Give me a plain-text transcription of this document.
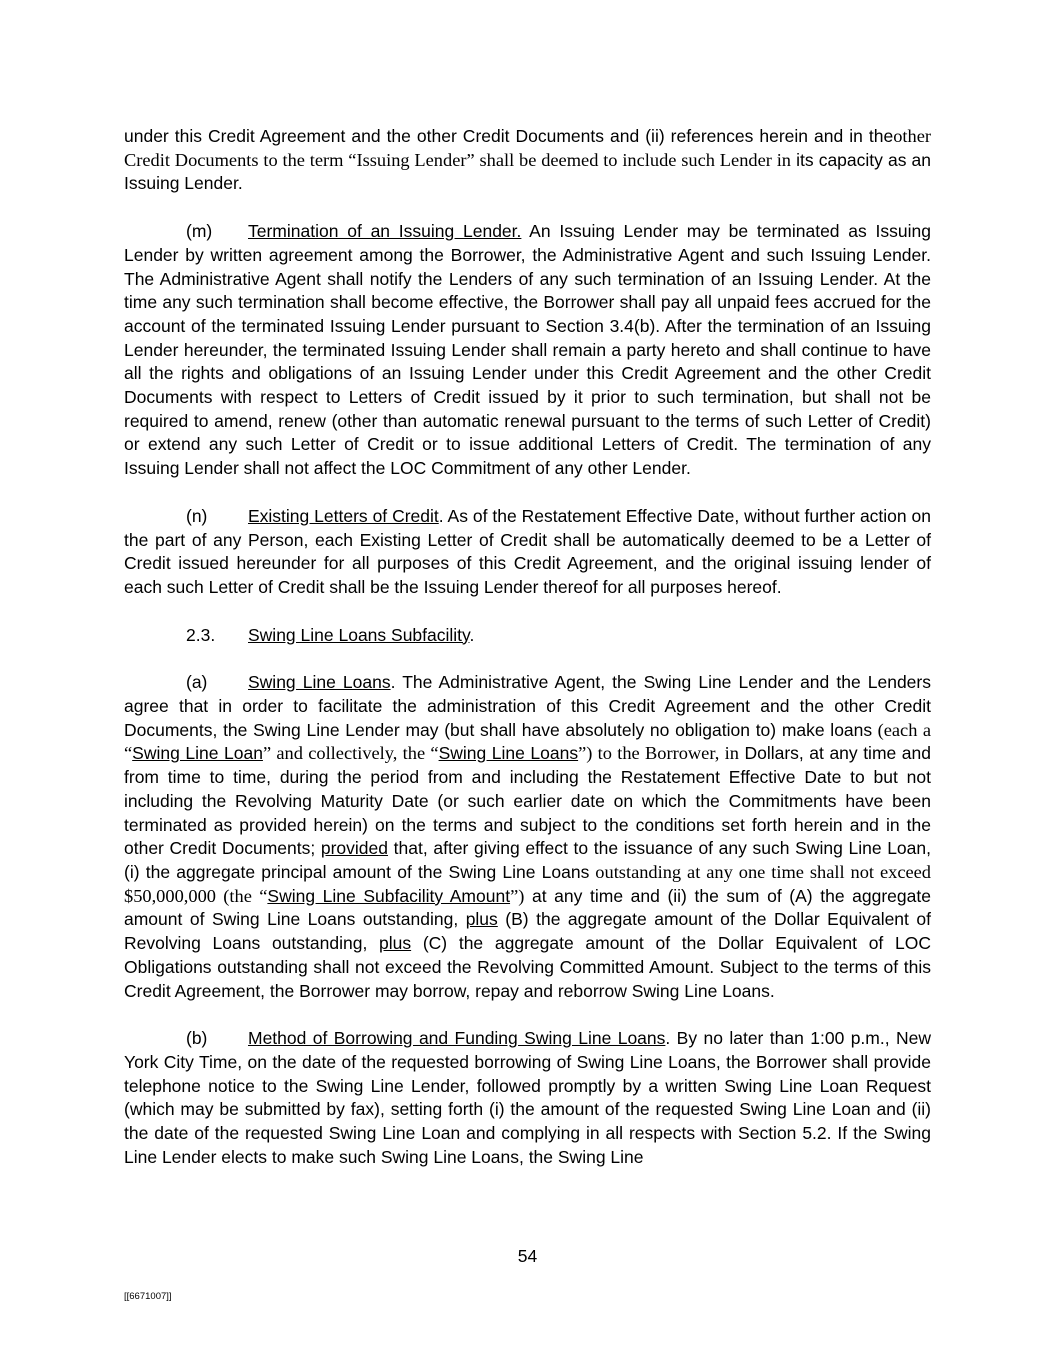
under this Credit Agreement and the other Credit Documents and (ii) references herein and in theother Credit Documents to the term “Issuing Lender” shall be deemed to include such Lender in its capacity as an Issuing Lender.

(m) Termination of an Issuing Lender. An Issuing Lender may be terminated as Issuing Lender by written agreement among the Borrower, the Administrative Agent and such Issuing Lender. The Administrative Agent shall notify the Lenders of any such termination of an Issuing Lender. At the time any such termination shall become effective, the Borrower shall pay all unpaid fees accrued for the account of the terminated Issuing Lender pursuant to Section 3.4(b). After the termination of an Issuing Lender hereunder, the terminated Issuing Lender shall remain a party hereto and shall continue to have all the rights and obligations of an Issuing Lender under this Credit Agreement and the other Credit Documents with respect to Letters of Credit issued by it prior to such termination, but shall not be required to amend, renew (other than automatic renewal pursuant to the terms of such Letter of Credit) or extend any such Letter of Credit or to issue additional Letters of Credit. The termination of any Issuing Lender shall not affect the LOC Commitment of any other Lender.

(n) Existing Letters of Credit. As of the Restatement Effective Date, without further action on the part of any Person, each Existing Letter of Credit shall be automatically deemed to be a Letter of Credit issued hereunder for all purposes of this Credit Agreement, and the original issuing lender of each such Letter of Credit shall be the Issuing Lender thereof for all purposes hereof.

2.3. Swing Line Loans Subfacility.

(a) Swing Line Loans. The Administrative Agent, the Swing Line Lender and the Lenders agree that in order to facilitate the administration of this Credit Agreement and the other Credit Documents, the Swing Line Lender may (but shall have absolutely no obligation to) make loans (each a “Swing Line Loan” and collectively, the “Swing Line Loans”) to the Borrower, in Dollars, at any time and from time to time, during the period from and including the Restatement Effective Date to but not including the Revolving Maturity Date (or such earlier date on which the Commitments have been terminated as provided herein) on the terms and subject to the conditions set forth herein and in the other Credit Documents; provided that, after giving effect to the issuance of any such Swing Line Loan, (i) the aggregate principal amount of the Swing Line Loans outstanding at any one time shall not exceed $50,000,000 (the “Swing Line Subfacility Amount”) at any time and (ii) the sum of (A) the aggregate amount of Swing Line Loans outstanding, plus (B) the aggregate amount of the Dollar Equivalent of Revolving Loans outstanding, plus (C) the aggregate amount of the Dollar Equivalent of LOC Obligations outstanding shall not exceed the Revolving Committed Amount. Subject to the terms of this Credit Agreement, the Borrower may borrow, repay and reborrow Swing Line Loans.

(b) Method of Borrowing and Funding Swing Line Loans. By no later than 1:00 p.m., New York City Time, on the date of the requested borrowing of Swing Line Loans, the Borrower shall provide telephone notice to the Swing Line Lender, followed promptly by a written Swing Line Loan Request (which may be submitted by fax), setting forth (i) the amount of the requested Swing Line Loan and (ii) the date of the requested Swing Line Loan and complying in all respects with Section 5.2. If the Swing Line Lender elects to make such Swing Line Loans, the Swing Line

54
[[6671007]]
